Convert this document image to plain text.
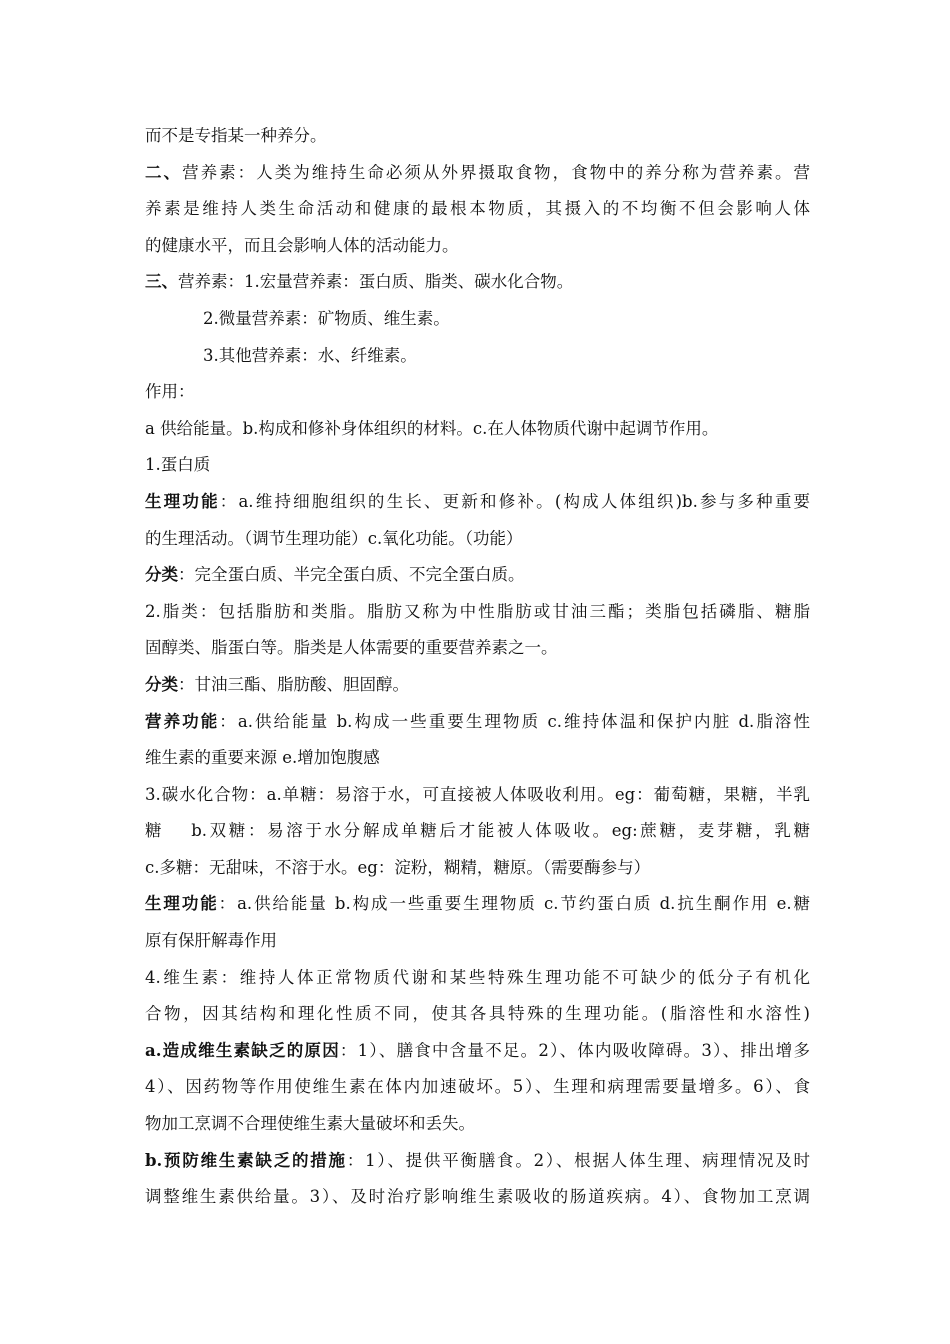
而不是专指某一种养分。
二、营养素：人类为维持生命必须从外界摄取食物，食物中的养分称为营养素。营
养素是维持人类生命活动和健康的最根本物质，其摄入的不均衡不但会影响人体
的健康水平，而且会影响人体的活动能力。
三、营养素：1.宏量营养素：蛋白质、脂类、碳水化合物。
2.微量营养素：矿物质、维生素。
3.其他营养素：水、纤维素。
作用：
a 供给能量。b.构成和修补身体组织的材料。c.在人体物质代谢中起调节作用。
1.蛋白质
生理功能：a.维持细胞组织的生长、更新和修补。(构成人体组织)b.参与多种重要
的生理活动。（调节生理功能）c.氧化功能。（功能）
分类：完全蛋白质、半完全蛋白质、不完全蛋白质。
2.脂类：包括脂肪和类脂。脂肪又称为中性脂肪或甘油三酯；类脂包括磷脂、糖脂
固醇类、脂蛋白等。脂类是人体需要的重要营养素之一。
分类：甘油三酯、脂肪酸、胆固醇。
营养功能：a.供给能量 b.构成一些重要生理物质 c.维持体温和保护内脏 d.脂溶性
维生素的重要来源 e.增加饱腹感
3.碳水化合物：a.单糖：易溶于水，可直接被人体吸收利用。eg：葡萄糖，果糖，半乳
糖　 b.双糖：易溶于水分解成单糖后才能被人体吸收。eg:蔗糖，麦芽糖，乳糖
c.多糖：无甜味，不溶于水。eg：淀粉，糊精，糖原。（需要酶参与）
生理功能：a.供给能量 b.构成一些重要生理物质 c.节约蛋白质 d.抗生酮作用 e.糖
原有保肝解毒作用
4.维生素：维持人体正常物质代谢和某些特殊生理功能不可缺少的低分子有机化
合物，因其结构和理化性质不同，使其各具特殊的生理功能。(脂溶性和水溶性)
a.造成维生素缺乏的原因：1）、膳食中含量不足。2）、体内吸收障碍。3）、排出增多
4）、因药物等作用使维生素在体内加速破坏。5）、生理和病理需要量增多。6）、食
物加工烹调不合理使维生素大量破坏和丢失。
b.预防维生素缺乏的措施：1）、提供平衡膳食。2）、根据人体生理、病理情况及时
调整维生素供给量。3）、及时治疗影响维生素吸收的肠道疾病。4）、食物加工烹调
